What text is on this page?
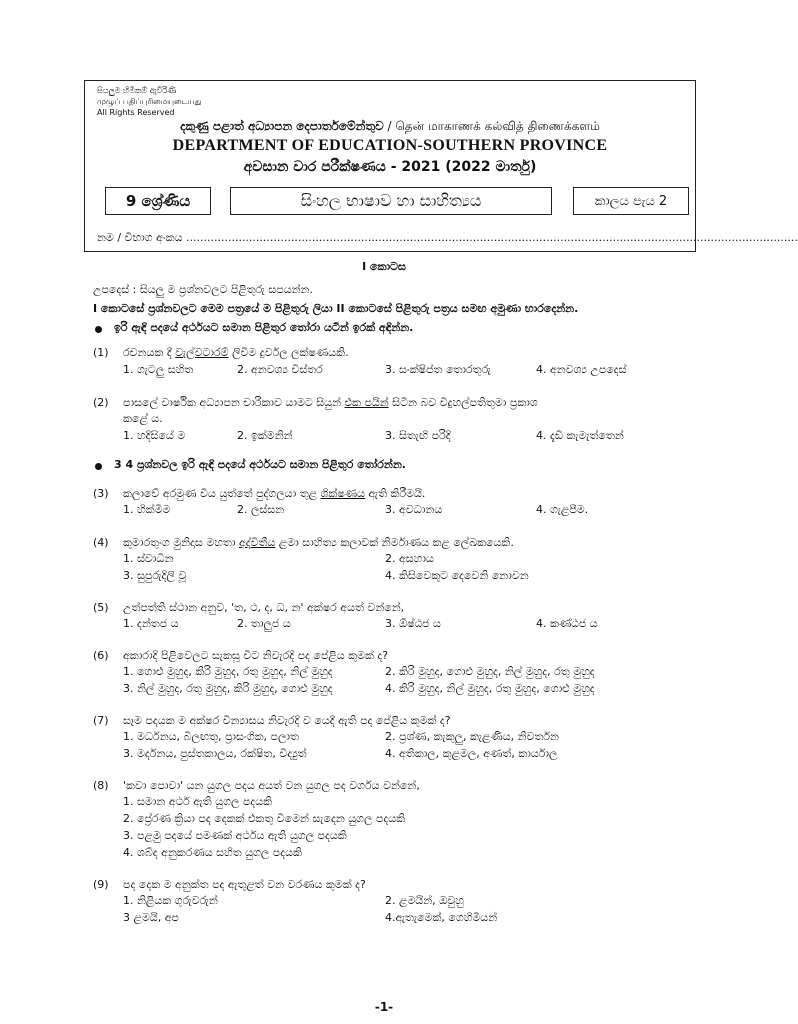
සියලුම හිමිකම් ඇවිරිණි
முழுப் பதிப்புரிமையுடையது
All Rights Reserved
දකුණු පළාත් අධ්‍යාපන දෙපාර්තමේන්තුව / தென் மாகாணக் கல்வித் திணைக்களம்
DEPARTMENT OF EDUCATION-SOUTHERN PROVINCE
අවසාන වාර පරීක්ෂණය - 2021 (2022 මාර්තු)
9 ශ්‍රේණිය	සිංහල භාෂාව හා සාහිත්‍යය	කාලය පැය 2
නම / විභාග අංකය ...............................................................................................................................................................................
I කොටස
උපදෙස් : සියලු ම ප්‍රශ්නවලට පිළිතුරු සපයන්න.
I කොටසේ ප්‍රශ්නවලට මෙම පත්‍රයේ ම පිළිතුරු ලියා II කොටසේ පිළිතුරු පත්‍රය සමඟ අමුණා භාරදෙන්න.
ඉරි ඇඳි පදයේ අර්ථයට සමාන පිළිතුර තෝරා යටින් ඉරක් අඳින්න.
(1) රචනයක දී වැල්වටාරම් ලිවීම දුර්වල ලක්ෂණයකි.
1. ගැටලු සහිත	2. අනවශ්‍ය විස්තර	3. සංක්ෂිප්ත තොරතුරු	4. අනවශ්‍ය උපදෙස්
(2) පාසලේ වාර්ෂික අධ්‍යාපන චාරිකාව යාමට සියුන් එක පයින් සිටින බව විදුහල්පතිතුමා ප්‍රකාශ
කළේ ය.
1. හදිසියේ ම	2. ඉක්මනින්	3. සිතැඟි පරිදි	4. දැඩි කැමැත්තෙන්
3 4 ප්‍රශ්නවල ඉරි ඇඳි පදයේ අර්ථයට සමාන පිළිතුර තෝරන්න.
(3) කලාවේ අරමුණ විය යුත්තේ පුද්ගලයා තුළ ශික්ෂණය ඇති කිරීමයි.
1. හික්මීම	2. ලස්සන	3. අවධානය	4. ගැළපීම.
(4) කුමාරතුංග මුනිදාස මහතා අද්විතීය ළමා සාහිත්‍ය කලාවක් නිර්මාණය කළ ලේඛකයෙකි.
1. ස්වාධීන	2. අසහාය
3. සුපුරුදිලි වූ	4. කිසිවෙකුට දෙවෙනි නොවන
(5) උත්පත්ති ස්ථාන අනුව, 'ත, ථ, ද, ධ, න' අක්ෂර අයත් වන්නේ,
1. දන්තජ ය	2. තාලුජ ය	3. ඕෂ්ඨජ ය	4. කණ්ඨජ ය
(6) අකාරාදි පිළිවෙලට සැකසූ විට නිවැරදි පද පේළිය කුමක් ද?
1. ගොළු මුහුද, කිරි මුහුද, රතු මුහුද, නිල් මුහුද	2. කිරි මුහුද, ගොළු මුහුද, නිල් මුහුද, රතු මුහුද
3. නිල් මුහුද, රතු මුහුද, කිරි මුහුද, ගොළු මුහුද	4. කිරි මුහුද, නිල් මුහුද, රතු මුහුද, ගොළු මුහුද
(7) සෑම පදයක ම අක්ෂර වින්‍යාසය නිවැරදි ව යෙදී ඇති පද පේළිය කුමක් ද?
1. මර්ධනය, බිලඟතු, ප්‍රාසංගික, පලාත	2. ප්‍රශ්ණ, කැකුලු, කැළණිය, නිවර්තන
3. මර්දනය, පුස්තකාලය, රක්ෂිත, විද්‍යුත්	4. අතිකාල, කුළමල, අණත්, කාර්යාල
(8) 'කවා පොවා' යන යුගල පදය අයත් වන යුගල පද වර්ගය වන්නේ,
1. සමාන අර්ථ ඇති යුගල පදයකි
2. ප්‍රේරණ ක්‍රියා පද දෙකක් එකතු වීමෙන් සැදෙන යුගල පදයකි
3. පළමු පදයේ පමණක් අර්ථය ඇති යුගල පදයකි
4. ශබ්ද අනුකරණය සහිත යුගල පදයකි
(9) පද දෙක ම අනුක්ත පද ඇතුළත් වන වරණය කුමක් ද?
1. නිළියක ගුරුවරුන්	2. ළමයින්, ඔවුහු
3 ළමයි, අප	4.ඇතැමෙක්, ගෙහිමියන්
-1-
